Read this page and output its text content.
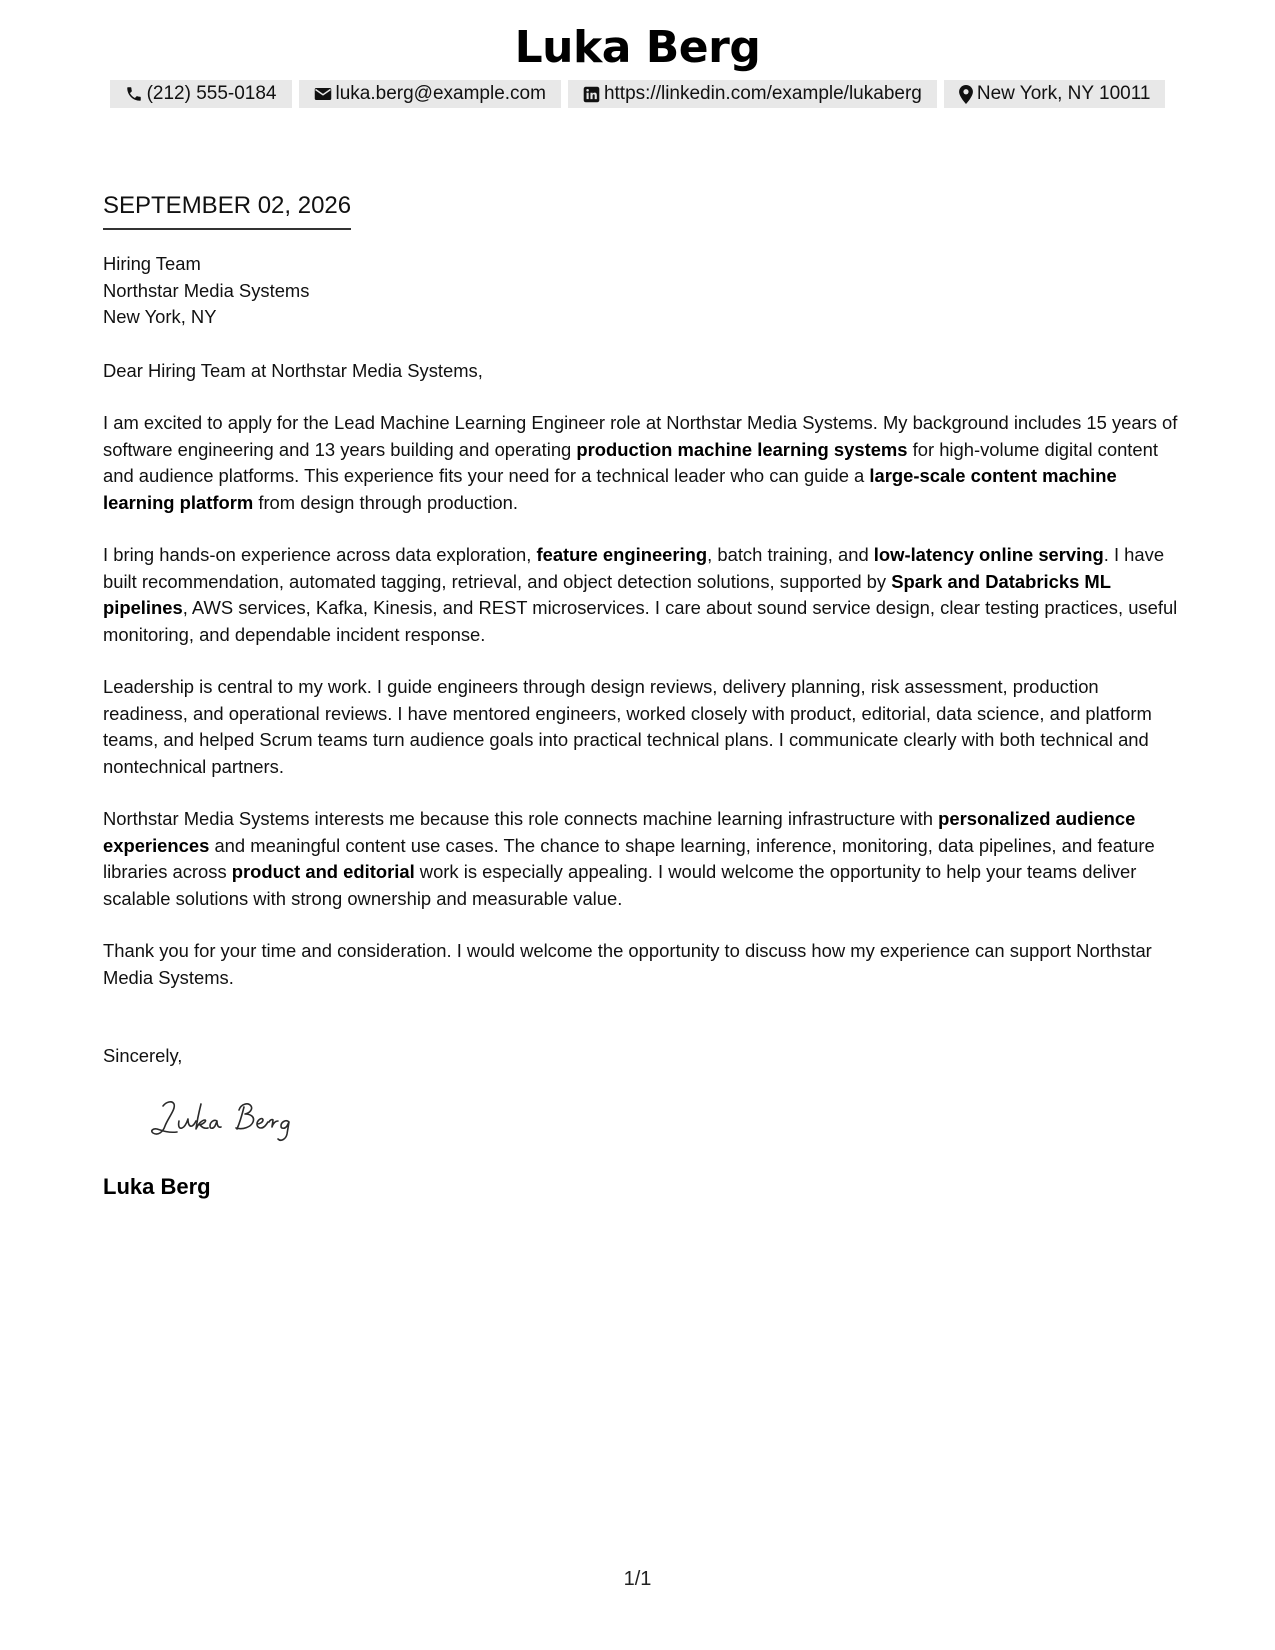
Luka Berg
(212) 555-0184	luka.berg@example.com	https://linkedin.com/example/lukaberg	New York, NY 10011
SEPTEMBER 02, 2026
Hiring Team
Northstar Media Systems
New York, NY
Dear Hiring Team at Northstar Media Systems,

I am excited to apply for the Lead Machine Learning Engineer role at Northstar Media Systems. My background includes 15 years of software engineering and 13 years building and operating production machine learning systems for high-volume digital content and audience platforms. This experience fits your need for a technical leader who can guide a large-scale content machine learning platform from design through production.

I bring hands-on experience across data exploration, feature engineering, batch training, and low-latency online serving. I have built recommendation, automated tagging, retrieval, and object detection solutions, supported by Spark and Databricks ML pipelines, AWS services, Kafka, Kinesis, and REST microservices. I care about sound service design, clear testing practices, useful monitoring, and dependable incident response.

Leadership is central to my work. I guide engineers through design reviews, delivery planning, risk assessment, production readiness, and operational reviews. I have mentored engineers, worked closely with product, editorial, data science, and platform teams, and helped Scrum teams turn audience goals into practical technical plans. I communicate clearly with both technical and nontechnical partners.

Northstar Media Systems interests me because this role connects machine learning infrastructure with personalized audience experiences and meaningful content use cases. The chance to shape learning, inference, monitoring, data pipelines, and feature libraries across product and editorial work is especially appealing. I would welcome the opportunity to help your teams deliver scalable solutions with strong ownership and measurable value.

Thank you for your time and consideration. I would welcome the opportunity to discuss how my experience can support Northstar Media Systems.

Sincerely,
Luka Berg
1/1
